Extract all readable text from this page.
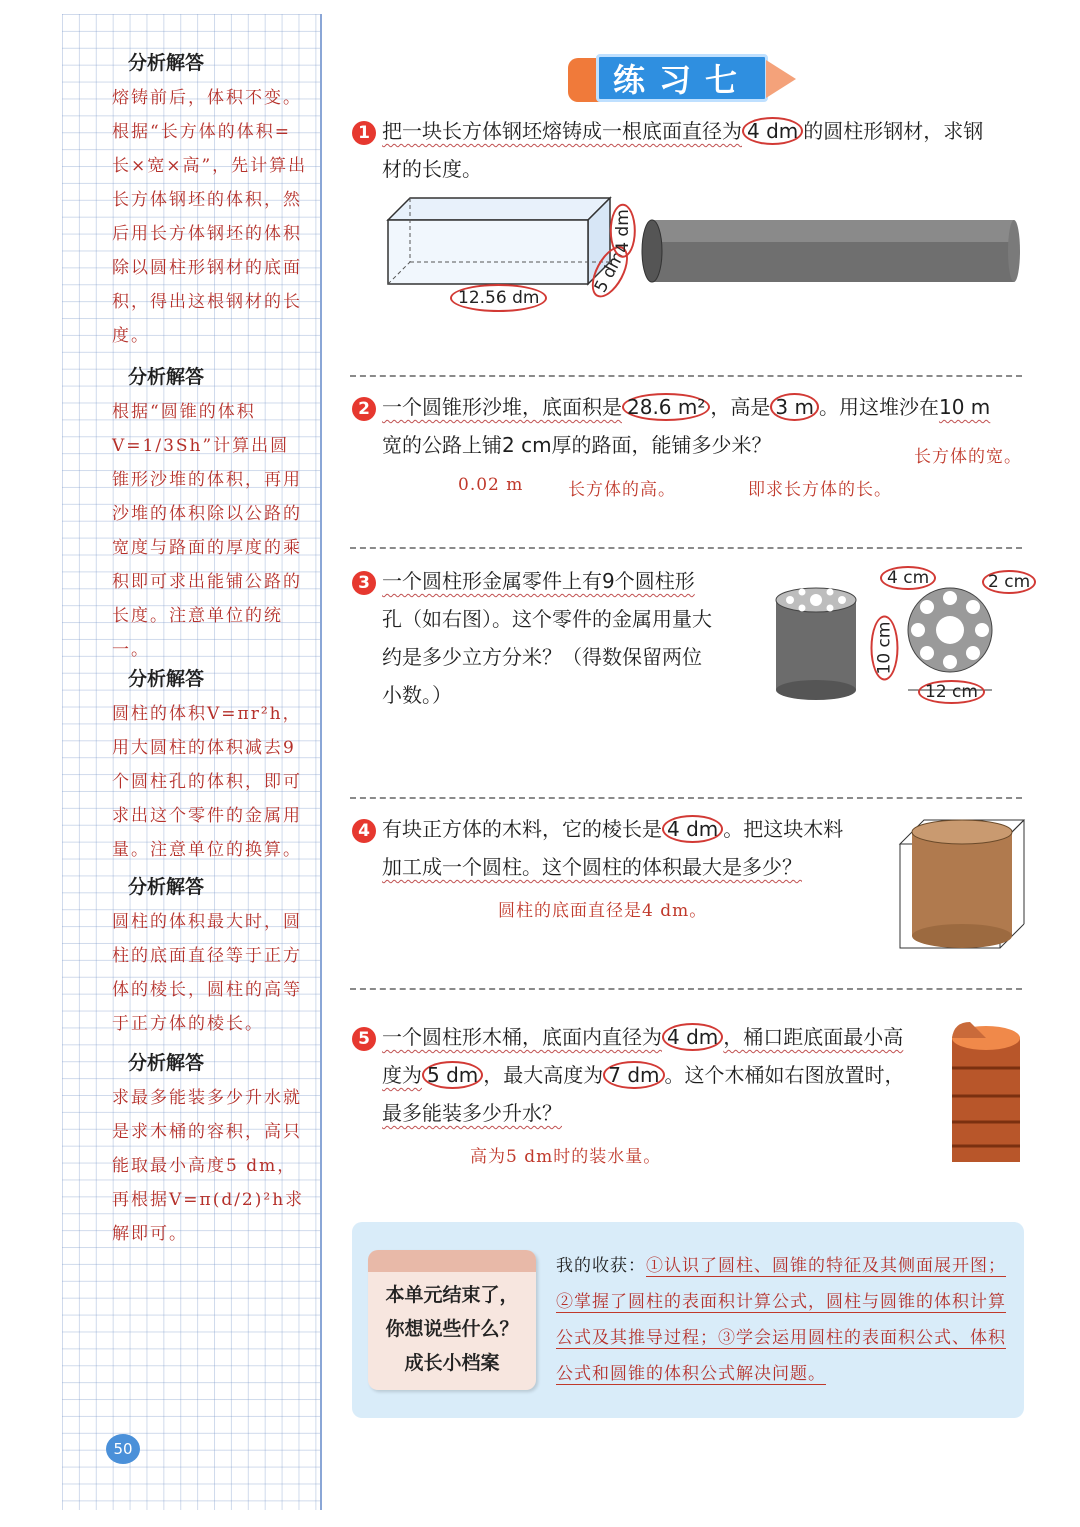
分析解答
熔铸前后，体积不变。根据“长方体的体积=长×宽×高”，先计算出长方体钢坯的体积，然后用长方体钢坯的体积除以圆柱形钢材的底面积，得出这根钢材的长度。
分析解答
根据“圆锥的体积V=1/3Sh”计算出圆锥形沙堆的体积，再用沙堆的体积除以公路的宽度与路面的厚度的乘积即可求出能铺公路的长度。注意单位的统一。
分析解答
圆柱的体积V=πr²h，用大圆柱的体积减去9个圆柱孔的体积，即可求出这个零件的金属用量。注意单位的换算。
分析解答
圆柱的体积最大时，圆柱的底面直径等于正方体的棱长，圆柱的高等于正方体的棱长。
分析解答
求最多能装多少升水就是求木桶的容积，高只能取最小高度5 dm，再根据V=π(d/2)²h求解即可。
50
练习七
1 把一块长方体钢坯熔铸成一根底面直径为 4 dm 的圆柱形钢材，求钢
材的长度。
12.56 dm
5 dm
4 dm
2 一个圆锥形沙堆，底面积是 28.6 m² ，高是 3 m 。用这堆沙在10 m
宽的公路上铺2 cm厚的路面，能铺多少米？	长方体的宽。
0.02 m	长方体的高。	即求长方体的长。
3 一个圆柱形金属零件上有9个圆柱形
孔（如右图）。这个零件的金属用量大
约是多少立方分米？（得数保留两位
小数。）
4 cm	2 cm
10 cm
12 cm
4 有块正方体的木料，它的棱长是 4 dm 。把这块木料
加工成一个圆柱。这个圆柱的体积最大是多少？
圆柱的底面直径是4 dm。
5 一个圆柱形木桶，底面内直径为 4 dm ，桶口距底面最小高
度为 5 dm ，最大高度为 7 dm 。这个木桶如右图放置时，
最多能装多少升水？
高为5 dm时的装水量。
本单元结束了，
你想说些什么？
成长小档案
我的收获：①认识了圆柱、圆锥的特征及其侧面展开图；②掌握了圆柱的表面积计算公式，圆柱与圆锥的体积计算公式及其推导过程；③学会运用圆柱的表面积公式、体积公式和圆锥的体积公式解决问题。
